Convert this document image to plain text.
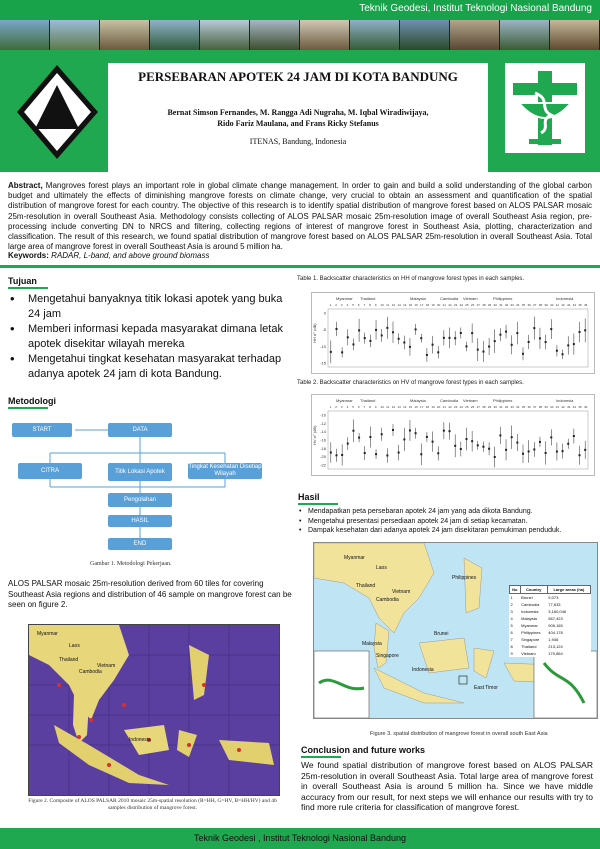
Teknik Geodesi, Institut Teknologi Nasional Bandung
PERSEBARAN APOTEK 24 JAM DI KOTA BANDUNG
Bernat Simson Fernandes, M. Rangga Adi Nugraha, M. Iqbal Wiradiwijaya,
Rido Fariz Maulana, and Frans Ricky Stefanus
ITENAS, Bandung, Indonesia
Abstract, Mangroves forest plays an important role in global climate change management. In order to gain and build a solid understanding of the global carbon budget and ultimately the effects of diminishing mangrove forests on climate change, very crucial to obtain an assessment and quantification of the spatial distribution of mangrove forest for each country. The objective of this research is to identify spatial distribution of mangrove forest based on ALOS PALSAR mosaic 25m-resolution in overall Southeast Asia. Methodology consists collecting of ALOS PALSAR mosaic 25m-resolution image of overall Southeast Asia region, pre-processing include converting DN to NRCS and filtering, collecting regions of interest of mangrove forest in Southeast Asia, plotting, characterization and classification. The result of this research, we found spatial distribution of mangrove forest based on ALOS PALSAR 25m-resolution in overall Southeast Asia. Total large area of mangrove forest in overall Southeast Asia is around 5 million ha.
Keywords: RADAR, L-band, and above ground biomass
Tujuan
• Mengetahui banyaknya titik lokasi apotek yang buka 24 jam
• Memberi informasi kepada masyarakat dimana letak apotek disekitar wilayah mereka
• Mengetahui tingkat kesehatan masyarakat terhadap adanya apotek 24 jam di kota Bandung.
Metodologi
START	DATA
CITRA	Titik Lokasi Apotek
Tingkat Kesehatan Disetiap Wilayah
Pengolahan
HASIL
END
Gambar 1. Metodologi Pekerjaan.
ALOS PALSAR mosaic 25m-resolution derived from 60 tiles for covering Southeast Asia regions and distribution of 46 sample on mangrove forest can be seen on figure 2.
Myanmar
Laos
Thailand
Vietnam
Cambodia
Indonesia
Figure 2. Composite of ALOS PALSAR 2010 mosaic 25m-spatial resolution (R=HH, G=HV, B=HH/HV) and 46 samples distribution of mangrove forest.
Table 1. Backscatter characteristics on HH of mangrove forest types in each samples.
Myanmar Thailand	Malaysia	Cambodia Vietnam	Philippines	Indonesia
1 2 3 4 5 6 7 8 9 10 11 12 13 14 15 16 17 18 19 20 21 22 23 24 25 26 27 28 29 30 31 32 33 34 35 36 37 38 39 40 41 42 43 44 45 46
0
-5
-10
-15
HH σ° (dB)
Table 2. Backscatter characteristics on HV of mangrove forest types in each samples.
Myanmar Thailand	Malaysia	Cambodia Vietnam	Philippines	Indonesia
1 2 3 4 5 6 7 8 9 10 11 12 13 14 15 16 17 18 19 20 21 22 23 24 25 26 27 28 29 30 31 32 33 34 35 36 37 38 39 40 41 42 43 44 45 46
-10
-12
-14
-16
-18
-20
-22
HV σ° (dB)
Hasil
• Mendapatkan peta persebaran apotek 24 jam yang ada dikota Bandung.
• Mengetahui presentasi persediaan apotek 24 jam di setiap kecamatan.
• Dampak kesehatan dari adanya apotek 24 jam disekitaran pemukiman penduduk.
Myanmar
Laos
Thailand
Vietnam
Cambodia
Philippines
Malaysia
Singapore
Brunei
Indonesia
East Timor
No	Country	Large areas (ha)
1	Brunei	9,073
2	Cambodia	77,633
3	Indonesia	3,160,046
4	Malaysia	567,423
5	Myanmar	905,165
6	Philippines	404,178
7	Singapore	1,946
8	Thailand	213,124
9	Vietnam	170,864
Figure 3. spatial distribution of mangrove forest in overall south East Asia
Conclusion and future works
We found spatial distribution of mangrove forest based on ALOS PALSAR 25m-resolution in overall Southeast Asia. Total large area of mangrove forest in overall Southeast Asia is around 5 million ha. Since we have middle accuracy from our result, for next steps we will enhance our results with try to find more rule criteria for classification of mangrove forest.
Teknik Geodesi , Institut Teknologi Nasional Bandung
